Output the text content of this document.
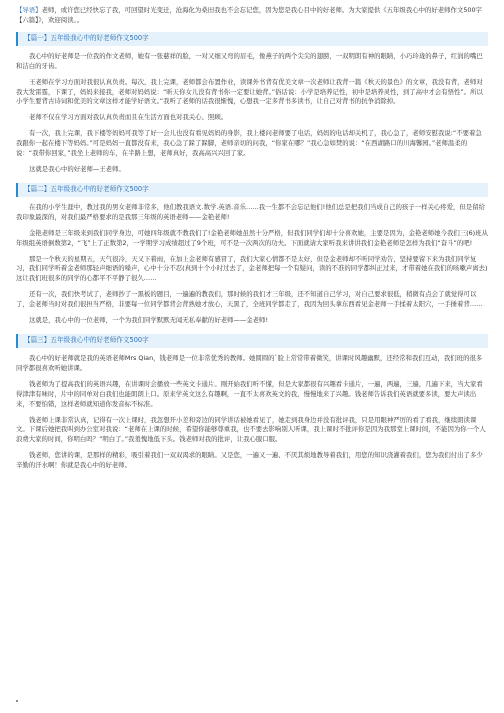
【导语】老师，或许您已经快忘了我，可回望时光变迁，沧海化为桑田我也不会忘记您，因为您是我心目中的好老师。为大家提供《五年级我心中的好老师作文500字【六篇】》，欢迎阅读。。

【篇一】五年级我心中的好老师作文500字

我心中的好老师是一位我的作文老师，她有一张慈祥的脸，一对又细又弯的眉毛，像燕子的两个尖尖的翅膀，一双明朗有神的眼睛，小巧玲珑的鼻子，红润的嘴巴和洁白的牙齿。

王老师在学习方面对我很认真负责。每次，我上完课，老师都会布置作业，读课外书背有优美文章一次老师让我背一篇《秋天的景色》的文章，我没有背，老师对我大发雷霆，下课了，妈妈来接我，老师对妈妈说：“昕天你女儿没有背书你一定要让她背。”俗话说：小学是培养记性，初中是培养灵性，到了高中才会有悟性”。所以小学生要背古诗词和优美的文章这样才能学好语文。”我听了老师的话我很惭愧，心想我一定多背书多读书，让自己对背书的抗争消除掉。

老师不仅在学习方面对我认真负责而且在生活方面也对我关心、照顾。

有一次，我上完课，我下楼等妈妈可我等了好一会儿也没有看见妈妈的身影，我上楼问老师要了电话，妈妈的电话却关机了，我心急了，老师安慰我说:“不要着急我跟你一起在楼下等妈妈。”可是妈妈一直都没有来，我心急了跺了跺脚，老师亲切的问我，“你家在哪？”我心急如焚的说：“在西湖路口的川海馨园。”老师温柔的说：“我带你回家，”我坐上老师的车，在半路上想，老师真好，我高高兴兴回了家。

这就是我心中的好老师—王老师。

【篇二】五年级我心中的好老师作文500字

在我的小学生涯中，教过我的男女老师非常多，他们教我语文.数学.英语.音乐……我一生都不会忘记他们!他们总是把我们当成自己的孩子一样关心疼爱，但是留给我印象最深的，对我们最严格要求的是我那三年级的英语老师——金艳老师!

金艳老师是三年级来到我们同学身边，可她四年级就不教我们了!金艳老师她虽然十分严格，但我们同学们却十分喜欢她，主要是因为，金艳老师她今我们三(6)班从年级组英语倒数第2，“飞”上了正数第2，一学期学习成绩超过了9个班，可不是一次两次的功夫。下面就请大家听我来讲讲我们金艳老师是怎样为我们“奋斗”的吧!

那是一个秋天的星期五，天气很冷，天又下着雨，在加上金老师有感冒了，我们大家心情都不是太好，但是金老师却不听同学劝告，坚持要留下来为我们同学复习，我们同学听着金老师那轻声细语的嗓声，心中十分不忍(真到十个小时过去了，金老师把每一个有疑问，读的不准的同学都纠正过来，才带着她在我们的咳嗽声离去)这让我们班很多的同学的心都平不平静了很久……

还有一次，我们快考试了，老师抄了一黑板的题目，一遍遍的教我们，那时候的我们才三年级，还不知道自己学习，对自己要求很低，稍微有点会了就觉得可以了，金老师当时对我们很担当严格，非要每一位同学都背会背熟她才放心，天黑了，全班同学都走了，我因为回头拿东西看见金老师一手揉着太阳穴，一手捶着背……

这就是，我心中的一位老师，一个为我们同学默默无闻无私奉献的好老师——金老师!

【篇三】五年级我心中的好老师作文500字

我心中的好老师就是我的英语老师Mrs Qian，钱老师是一位非常优秀的教师。她圆圆的`脸上常常带着微笑，讲课时风趣幽默，还经常和我们互动，我们班的很多同学都很喜欢听她讲课。

钱老师为了提高我们的英语兴趣，在讲课时会播放一些英文卡通片。刚开始我们听不懂，但是大家都很有兴趣看卡通片，一遍，两遍，三遍，几遍下来，当大家看得津津有味时，片中的同单对白我们也能朗朗上口。原来学英文这么有趣啊，一直不太喜欢英文的我，慢慢地来了兴趣。钱老师告诉我们英语就要多读，要大声读出来，不要怕错，这样老师就知道你发音标不标准。

钱老师上课非常认真，记得有一次上课时，我忽想开小差和旁边的同学讲话被她看见了，她走到我身边并没有批评我，只是用眼神严厉的看了看我，继续朗读课文。下课后她把我叫到办公室对我说：“老师在上课的时候，希望你能够尊重我，也不要去影响别人听课，我上课时不批评你是因为我那堂上课时间，不能因为你一个人浪费大家的时间，你明白吗？”明白了。”我羞愧地低下头。钱老师对我的批评，让我心服口服。

钱老师，您讲的课，是那样的精彩，吸引着我们一双双渴求的眼睛。又是您，一遍又一遍、不厌其烦地教导着我们，用您的知识浇灌着我们，您为我们付出了多少辛勤的汗水啊！你就是我心中的好老师。
